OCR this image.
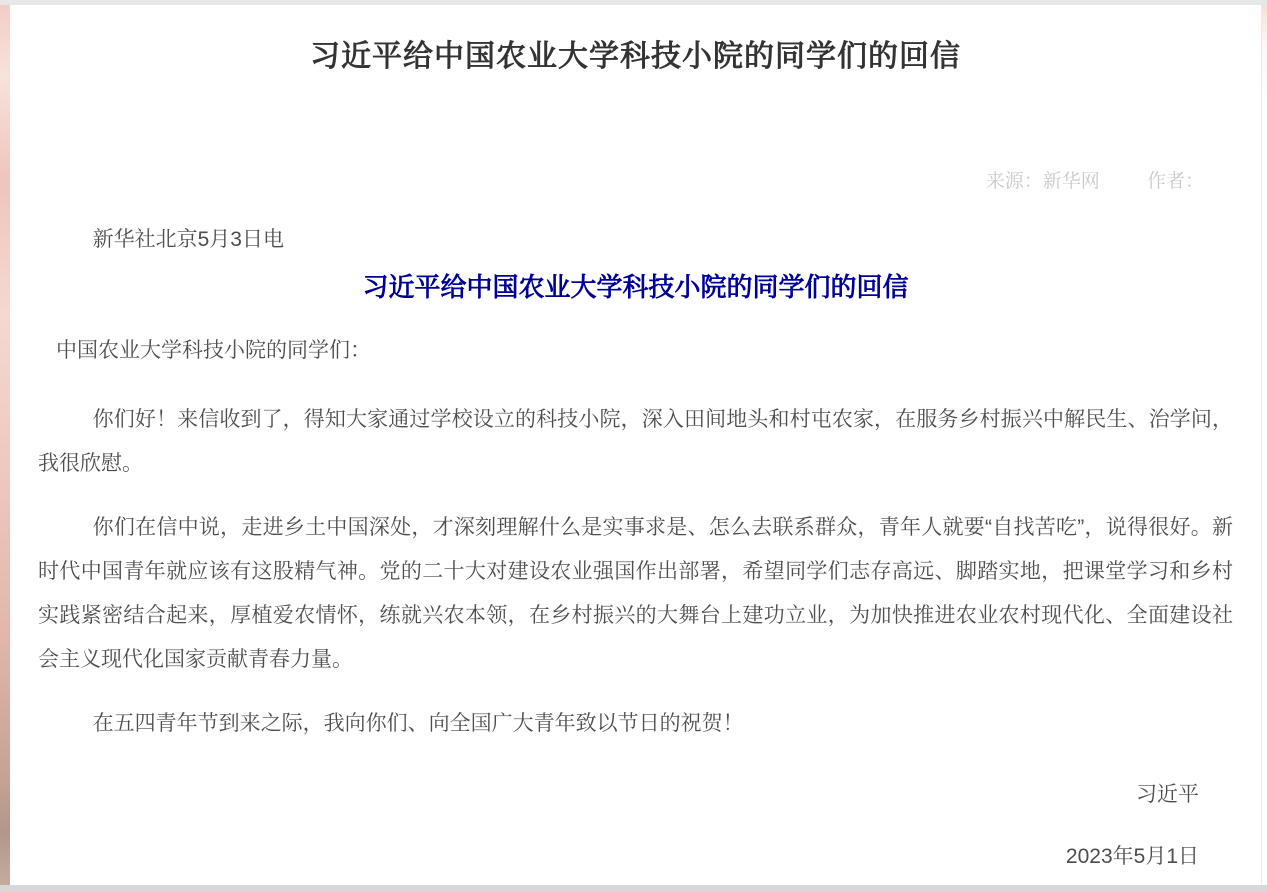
习近平给中国农业大学科技小院的同学们的回信
来源：新华网 作者：

新华社北京5月3日电

习近平给中国农业大学科技小院的同学们的回信

中国农业大学科技小院的同学们：

你们好！来信收到了，得知大家通过学校设立的科技小院，深入田间地头和村屯农家，在服务乡村振兴中解民生、治学问，我很欣慰。

你们在信中说，走进乡土中国深处，才深刻理解什么是实事求是、怎么去联系群众，青年人就要“自找苦吃”，说得很好。新时代中国青年就应该有这股精气神。党的二十大对建设农业强国作出部署，希望同学们志存高远、脚踏实地，把课堂学习和乡村实践紧密结合起来，厚植爱农情怀，练就兴农本领，在乡村振兴的大舞台上建功立业，为加快推进农业农村现代化、全面建设社会主义现代化国家贡献青春力量。

在五四青年节到来之际，我向你们、向全国广大青年致以节日的祝贺！

习近平

2023年5月1日
